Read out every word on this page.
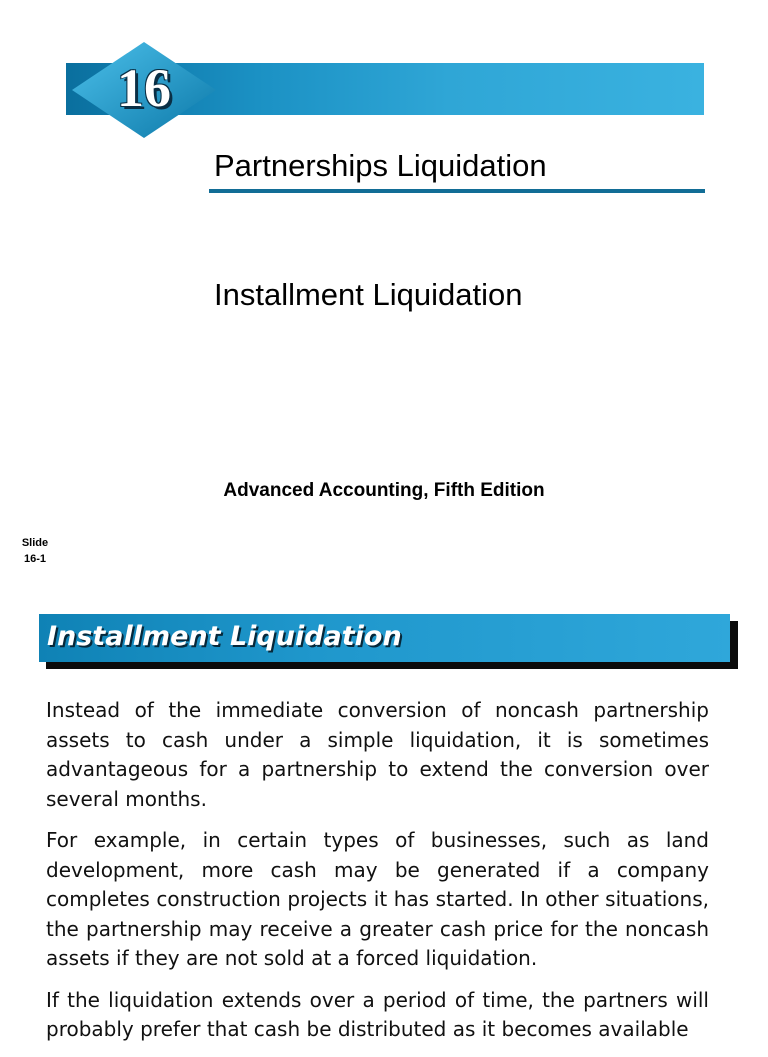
16
Partnerships Liquidation
Installment Liquidation
Advanced Accounting, Fifth Edition
Slide
16-1
Installment Liquidation

Instead of the immediate conversion of noncash partnership assets to cash under a simple liquidation, it is sometimes advantageous for a partnership to extend the conversion over several months.

For example, in certain types of businesses, such as land development, more cash may be generated if a company completes construction projects it has started. In other situations, the partnership may receive a greater cash price for the noncash assets if they are not sold at a forced liquidation.

If the liquidation extends over a period of time, the partners will probably prefer that cash be distributed as it becomes available
